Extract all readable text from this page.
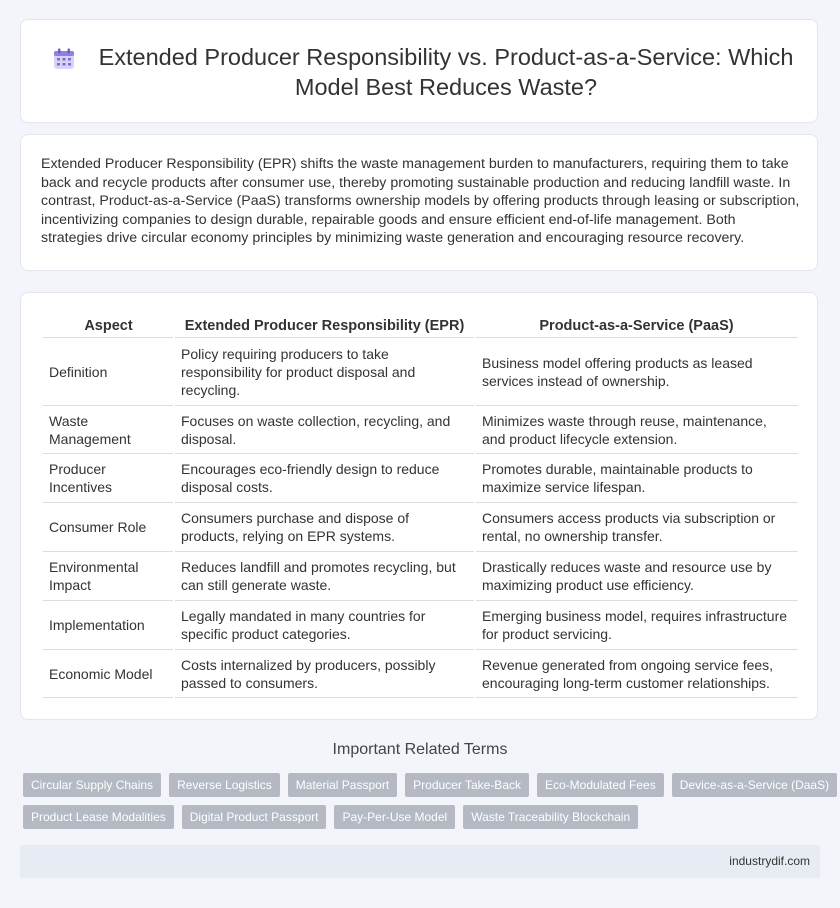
Extended Producer Responsibility vs. Product-as-a-Service: Which Model Best Reduces Waste?

Extended Producer Responsibility (EPR) shifts the waste management burden to manufacturers, requiring them to take back and recycle products after consumer use, thereby promoting sustainable production and reducing landfill waste. In contrast, Product-as-a-Service (PaaS) transforms ownership models by offering products through leasing or subscription, incentivizing companies to design durable, repairable goods and ensure efficient end-of-life management. Both strategies drive circular economy principles by minimizing waste generation and encouraging resource recovery.

Aspect	Extended Producer Responsibility (EPR)	Product-as-a-Service (PaaS)
Definition	Policy requiring producers to take responsibility for product disposal and recycling.	Business model offering products as leased services instead of ownership.
Waste Management	Focuses on waste collection, recycling, and disposal.	Minimizes waste through reuse, maintenance, and product lifecycle extension.
Producer Incentives	Encourages eco-friendly design to reduce disposal costs.	Promotes durable, maintainable products to maximize service lifespan.
Consumer Role	Consumers purchase and dispose of products, relying on EPR systems.	Consumers access products via subscription or rental, no ownership transfer.
Environmental Impact	Reduces landfill and promotes recycling, but can still generate waste.	Drastically reduces waste and resource use by maximizing product use efficiency.
Implementation	Legally mandated in many countries for specific product categories.	Emerging business model, requires infrastructure for product servicing.
Economic Model	Costs internalized by producers, possibly passed to consumers.	Revenue generated from ongoing service fees, encouraging long-term customer relationships.
Important Related Terms
Circular Supply Chains	Reverse Logistics	Material Passport	Producer Take-Back	Eco-Modulated Fees	Device-as-a-Service (DaaS)
Product Lease Modalities	Digital Product Passport	Pay-Per-Use Model	Waste Traceability Blockchain
industrydif.com
